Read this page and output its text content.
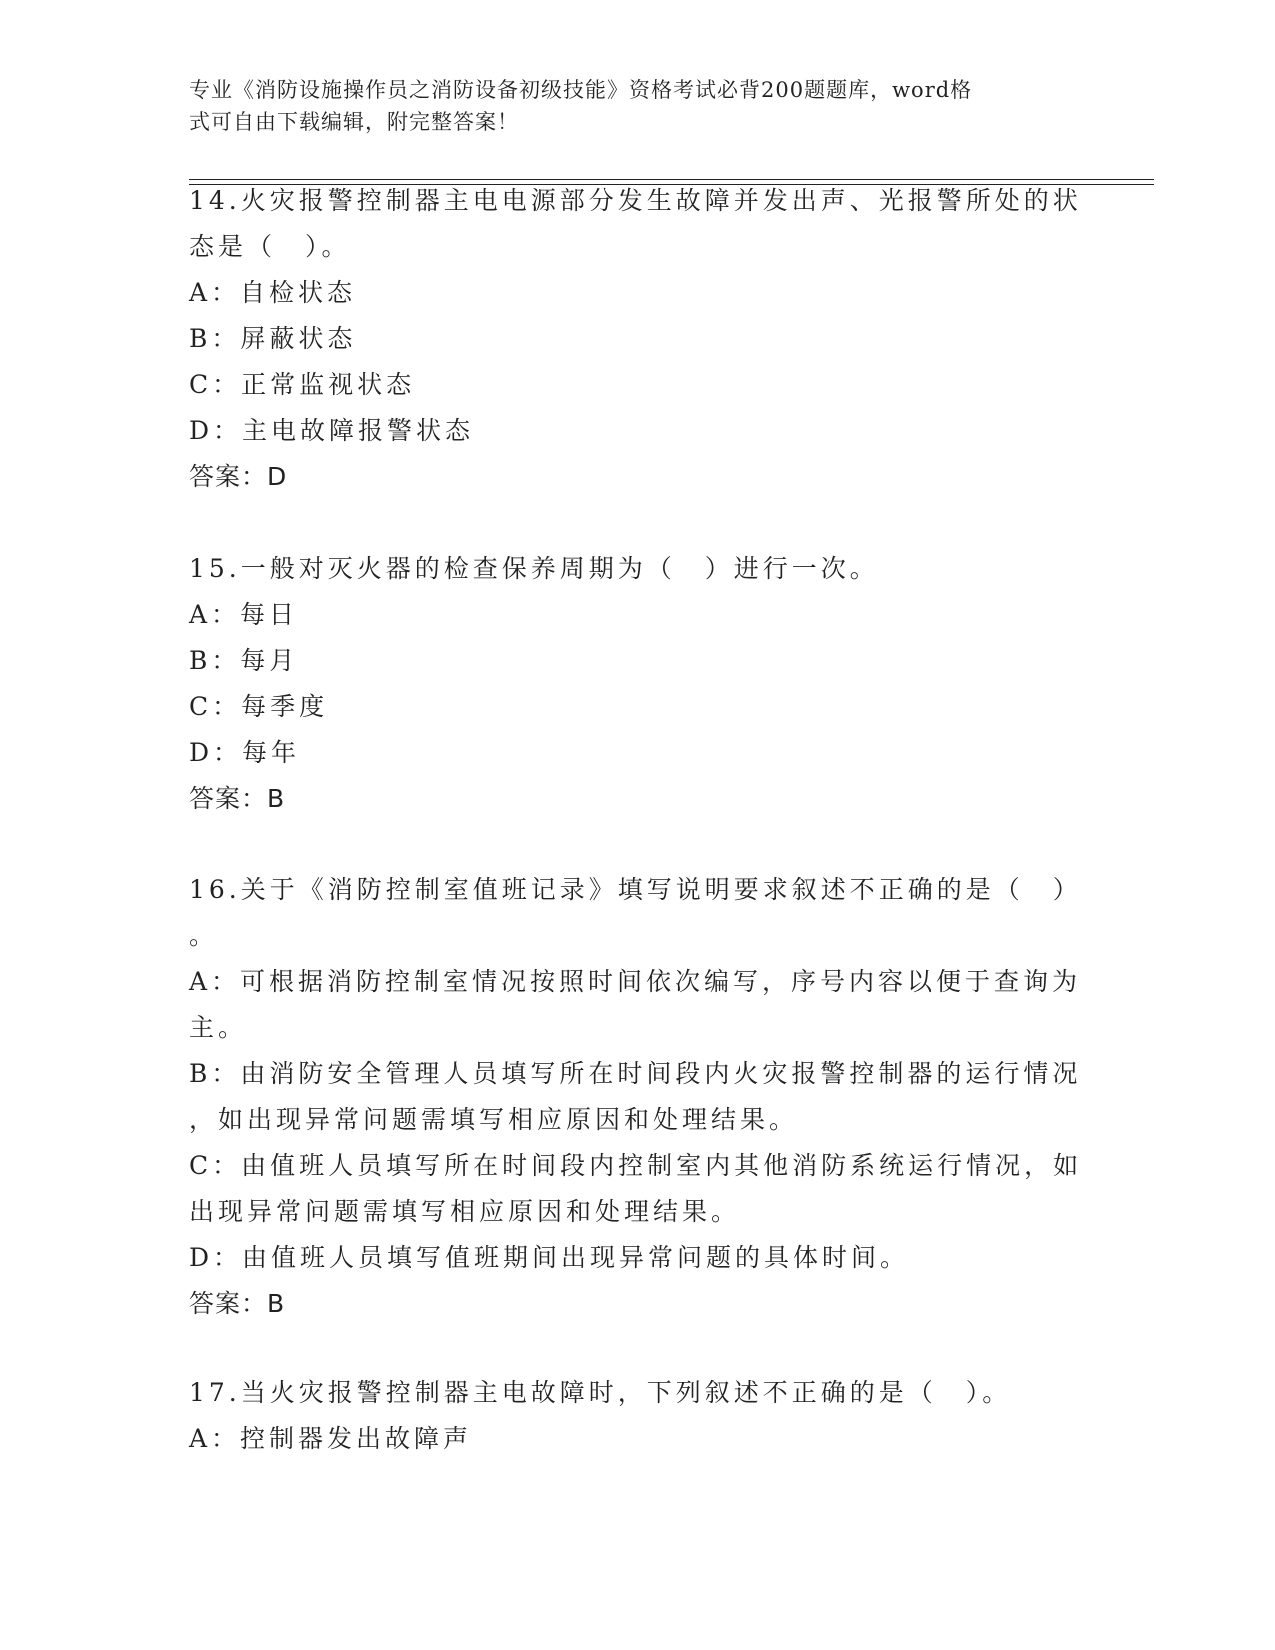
专业《消防设施操作员之消防设备初级技能》资格考试必背200题题库，word格
式可自由下载编辑，附完整答案！
14.火灾报警控制器主电电源部分发生故障并发出声、光报警所处的状
态是（　）。
A：自检状态
B：屏蔽状态
C：正常监视状态
D：主电故障报警状态
答案：D
15.一般对灭火器的检查保养周期为（　）进行一次。
A：每日
B：每月
C：每季度
D：每年
答案：B
16.关于《消防控制室值班记录》填写说明要求叙述不正确的是（　）
。
A：可根据消防控制室情况按照时间依次编写，序号内容以便于查询为
主。
B：由消防安全管理人员填写所在时间段内火灾报警控制器的运行情况
，如出现异常问题需填写相应原因和处理结果。
C：由值班人员填写所在时间段内控制室内其他消防系统运行情况，如
出现异常问题需填写相应原因和处理结果。
D：由值班人员填写值班期间出现异常问题的具体时间。
答案：B
17.当火灾报警控制器主电故障时，下列叙述不正确的是（　）。
A：控制器发出故障声
